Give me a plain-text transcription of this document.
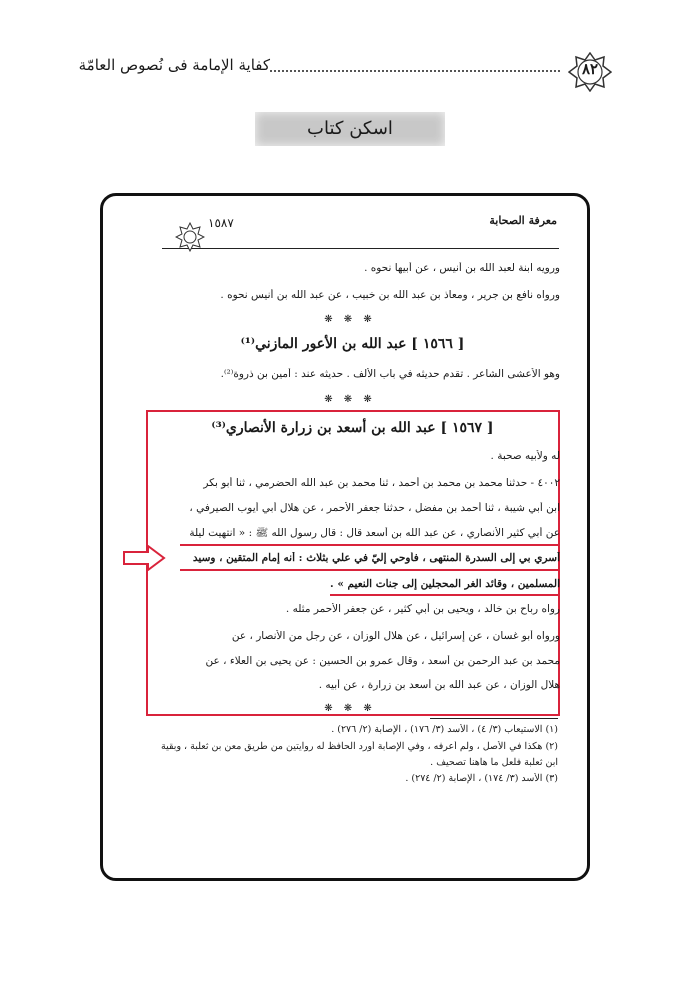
كفاية الإمامة فى نُصوص العامّة	٨٢
اسكن كتاب
معرفة الصحابة
١٥٨٧
ورويه ابنة لعبد الله بن أنيس ، عن أبيها نحوه .
ورواه نافع بن جرير ، ومعاذ بن عبد الله بن خبيب ، عن عبد الله بن أنيس نحوه .
❋ ❋ ❋
[ ١٥٦٦ ] عبد الله بن الأعور المازني⁽¹⁾
وهو الأعشى الشاعر . تقدم حديثه في باب الألف . حديثه عند : أمين بن ذروة⁽²⁾.
❋ ❋ ❋
[ ١٥٦٧ ] عبد الله بن أسعد بن زرارة الأنصاري⁽³⁾
له ولأبيه صحبة .
٤٠٠٢ - حدثنا محمد بن محمد بن أحمد ، ثنا محمد بن عبد الله الحضرمي ، ثنا أبو بكر
ابن أبي شيبة ، ثنا أحمد بن مفضل ، حدثنا جعفر الأحمر ، عن هلال أبي أيوب الصيرفي ،
عن أبي كثير الأنصاري ، عن عبد الله بن أسعد قال : قال رسول الله ﷺ : « انتهيت ليلة
أسري بي إلى السدرة المنتهى ، فأوحي إليّ في علي بثلاث : أنه إمام المتقين ، وسيد
المسلمين ، وقائد الغر المحجلين إلى جنات النعيم » .
رواه رباح بن خالد ، ويحيى بن أبي كثير ، عن جعفر الأحمر مثله .
ورواه أبو غسان ، عن إسرائيل ، عن هلال الوزان ، عن رجل من الأنصار ، عن
محمد بن عبد الرحمن بن أسعد ، وقال عمرو بن الحسين : عن يحيى بن العلاء ، عن
هلال الوزان ، عن عبد الله بن أسعد بن زرارة ، عن أبيه .
❋ ❋ ❋
(١) الاستيعاب (٣/ ٤) ، الأسد (٣/ ١٧٦) ، الإصابة (٢/ ٢٧٦) .
(٢) هكذا في الأصل ، ولم أعرفه ، وفي الإصابة أورد الحافظ له روايتين من طريق معن بن ثعلبة ، وبقية
ابن ثعلبة فلعل ما هاهنا تصحيف .
(٣) الأسد (٣/ ١٧٤) ، الإصابة (٢/ ٢٧٤) .
